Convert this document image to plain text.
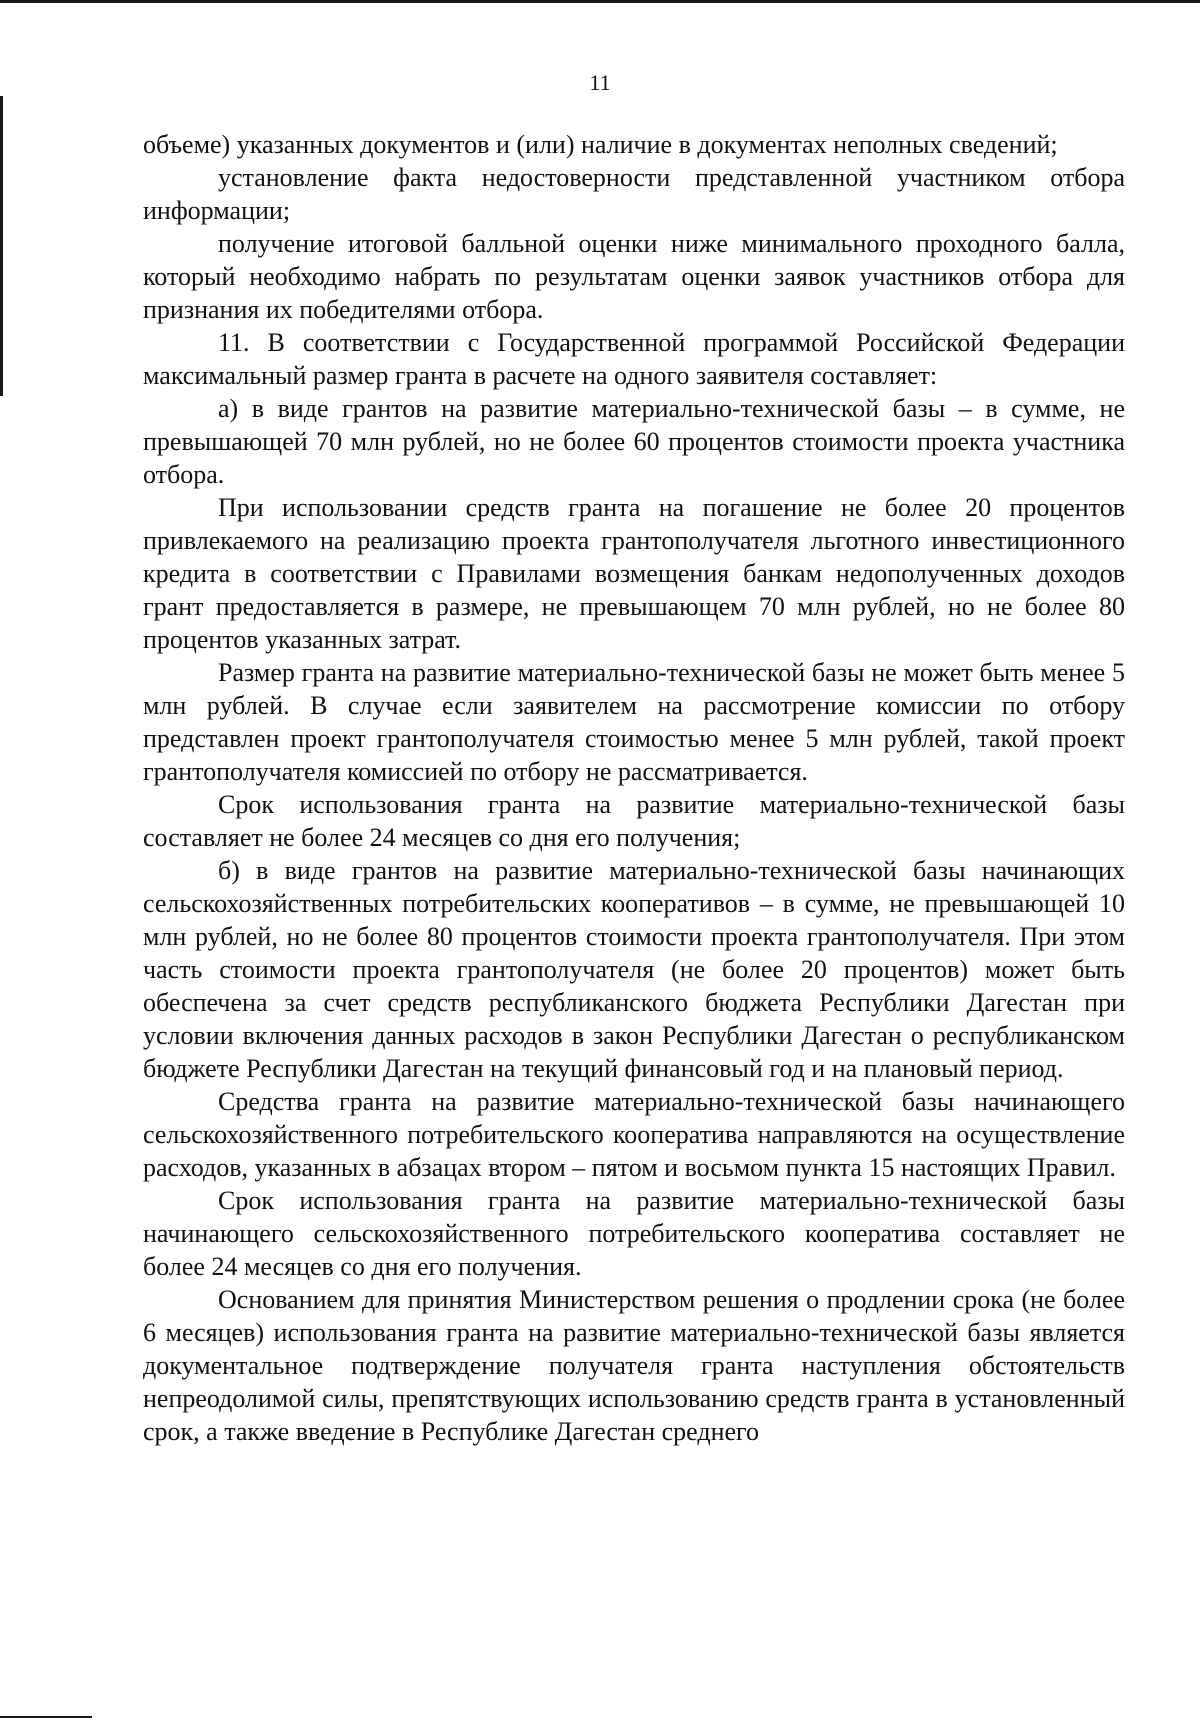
11

объеме) указанных документов и (или) наличие в документах неполных сведений;

установление факта недостоверности представленной участником отбора информации;

получение итоговой балльной оценки ниже минимального проходного балла, который необходимо набрать по результатам оценки заявок участников отбора для признания их победителями отбора.

11. В соответствии с Государственной программой Российской Федерации максимальный размер гранта в расчете на одного заявителя составляет:

а) в виде грантов на развитие материально-технической базы – в сумме, не превышающей 70 млн рублей, но не более 60 процентов стоимости проекта участника отбора.

При использовании средств гранта на погашение не более 20 процентов привлекаемого на реализацию проекта грантополучателя льготного инвестиционного кредита в соответствии с Правилами возмещения банкам недополученных доходов грант предоставляется в размере, не превышающем 70 млн рублей, но не более 80 процентов указанных затрат.

Размер гранта на развитие материально-технической базы не может быть менее 5 млн рублей. В случае если заявителем на рассмотрение комиссии по отбору представлен проект грантополучателя стоимостью менее 5 млн рублей, такой проект грантополучателя комиссией по отбору не рассматривается.

Срок использования гранта на развитие материально-технической базы составляет не более 24 месяцев со дня его получения;

б) в виде грантов на развитие материально-технической базы начинающих сельскохозяйственных потребительских кооперативов – в сумме, не превышающей 10 млн рублей, но не более 80 процентов стоимости проекта грантополучателя. При этом часть стоимости проекта грантополучателя (не более 20 процентов) может быть обеспечена за счет средств республиканского бюджета Республики Дагестан при условии включения данных расходов в закон Республики Дагестан о республиканском бюджете Республики Дагестан на текущий финансовый год и на плановый период.

Средства гранта на развитие материально-технической базы начинающего сельскохозяйственного потребительского кооператива направляются на осуществление расходов, указанных в абзацах втором – пятом и восьмом пункта 15 настоящих Правил.

Срок использования гранта на развитие материально-технической базы начинающего сельскохозяйственного потребительского кооператива составляет не более 24 месяцев со дня его получения.

Основанием для принятия Министерством решения о продлении срока (не более 6 месяцев) использования гранта на развитие материально-технической базы является документальное подтверждение получателя гранта наступления обстоятельств непреодолимой силы, препятствующих использованию средств гранта в установленный срок, а также введение в Республике Дагестан среднего
